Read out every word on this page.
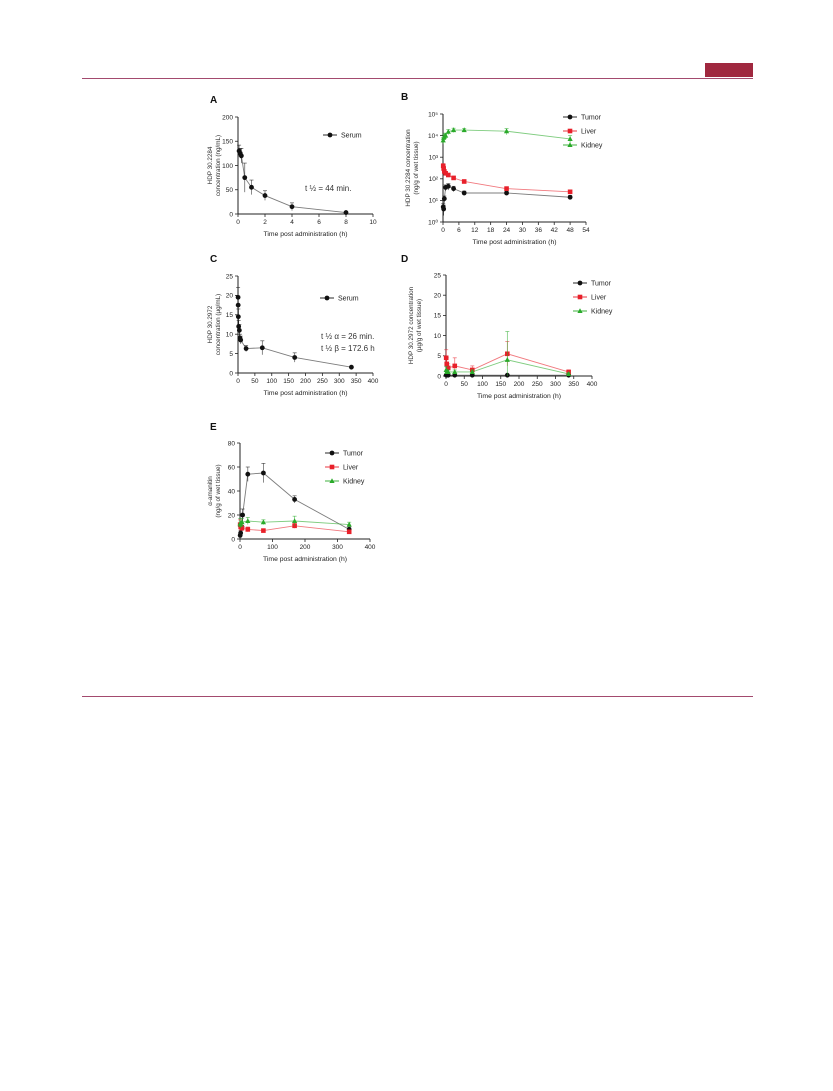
A
0	2	4	6	8	10
0
50
100
150
200
Time post administration (h)
HDP 30.2284 concentration (ng/mL)	Serum
t ½ = 44 min.
B
0 6 12 18 24 30 36 42 48 54
10⁰
10¹
10²
10³
10⁴
10⁵
Time post administration (h)
HDP 30.2284 concentration (ng/g of wet tissue)
Tumor
Liver
Kidney
C
0 50 100 150 200 250 300 350 400
0
5
10
15
20
25
Time post administration (h)
HDP 30.2972 concentration (µg/mL)	Serum
t ½ α = 26 min.
t ½ β = 172.6 h
D
0 50 100 150 200 250 300 350 400
0
5
10
15
20
25
Time post administration (h)
HDP 30.2972 concentration (µg/g of wet tissue)
Tumor
Liver
Kidney
E
0	100	200	300	400
0
20
40
60
80
Time post administration (h)
α-amanitin (ng/g of wet tissue)
Tumor
Liver
Kidney
